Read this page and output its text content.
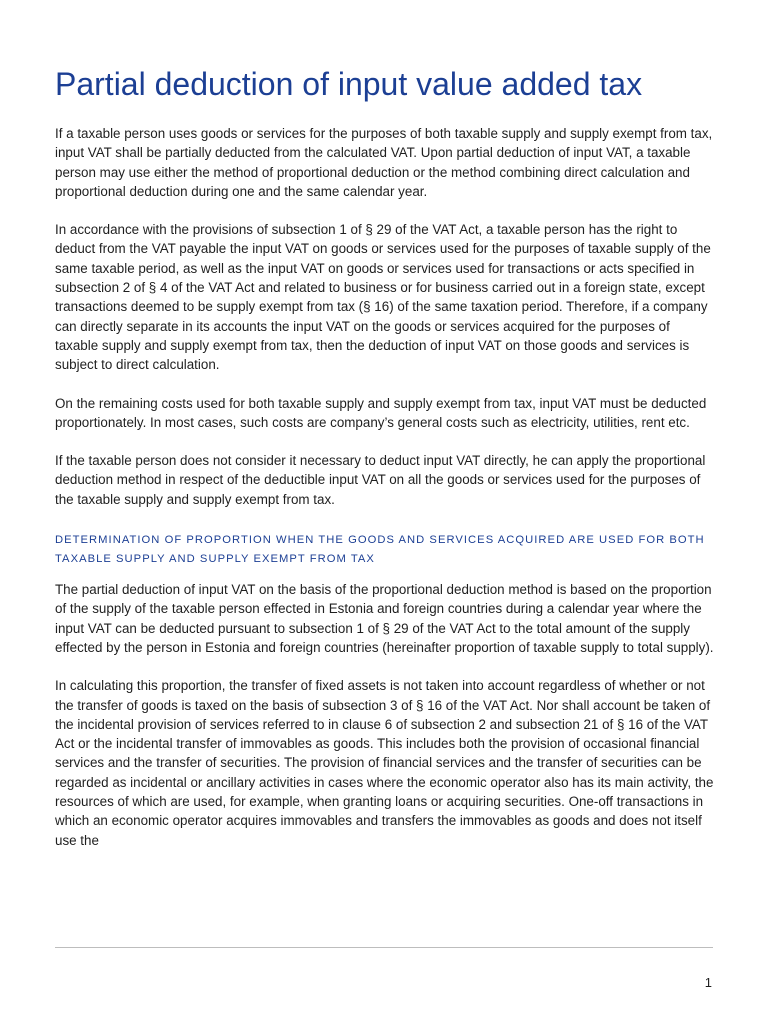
Partial deduction of input value added tax

If a taxable person uses goods or services for the purposes of both taxable supply and supply exempt from tax, input VAT shall be partially deducted from the calculated VAT. Upon partial deduction of input VAT, a taxable person may use either the method of proportional deduction or the method combining direct calculation and proportional deduction during one and the same calendar year.

In accordance with the provisions of subsection 1 of § 29 of the VAT Act, a taxable person has the right to deduct from the VAT payable the input VAT on goods or services used for the purposes of taxable supply of the same taxable period, as well as the input VAT on goods or services used for transactions or acts specified in subsection 2 of § 4 of the VAT Act and related to business or for business carried out in a foreign state, except transactions deemed to be supply exempt from tax (§ 16) of the same taxation period. Therefore, if a company can directly separate in its accounts the input VAT on the goods or services acquired for the purposes of taxable supply and supply exempt from tax, then the deduction of input VAT on those goods and services is subject to direct calculation.

On the remaining costs used for both taxable supply and supply exempt from tax, input VAT must be deducted proportionately. In most cases, such costs are company’s general costs such as electricity, utilities, rent etc.

If the taxable person does not consider it necessary to deduct input VAT directly, he can apply the proportional deduction method in respect of the deductible input VAT on all the goods or services used for the purposes of the taxable supply and supply exempt from tax.

DETERMINATION OF PROPORTION WHEN THE GOODS AND SERVICES ACQUIRED ARE USED FOR BOTH TAXABLE SUPPLY AND SUPPLY EXEMPT FROM TAX

The partial deduction of input VAT on the basis of the proportional deduction method is based on the proportion of the supply of the taxable person effected in Estonia and foreign countries during a calendar year where the input VAT can be deducted pursuant to subsection 1 of § 29 of the VAT Act to the total amount of the supply effected by the person in Estonia and foreign countries (hereinafter proportion of taxable supply to total supply).

In calculating this proportion, the transfer of fixed assets is not taken into account regardless of whether or not the transfer of goods is taxed on the basis of subsection 3 of § 16 of the VAT Act. Nor shall account be taken of the incidental provision of services referred to in clause 6 of subsection 2 and subsection 21 of § 16 of the VAT Act or the incidental transfer of immovables as goods. This includes both the provision of occasional financial services and the transfer of securities. The provision of financial services and the transfer of securities can be regarded as incidental or ancillary activities in cases where the economic operator also has its main activity, the resources of which are used, for example, when granting loans or acquiring securities. One-off transactions in which an economic operator acquires immovables and transfers the immovables as goods and does not itself use the

1
